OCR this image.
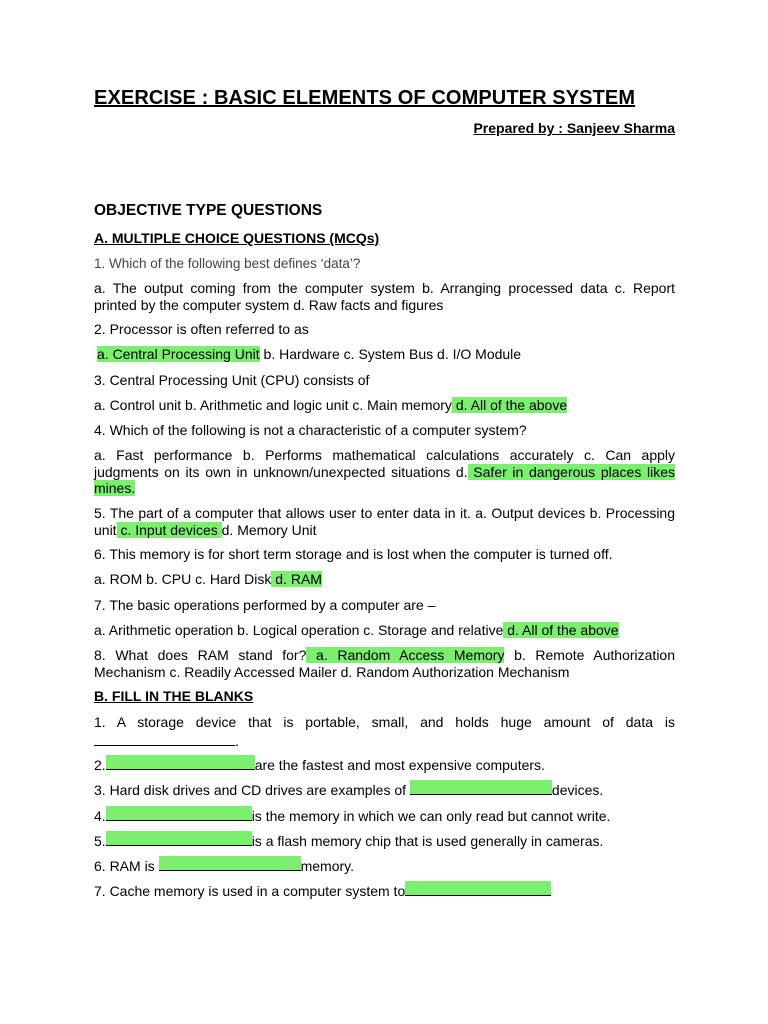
EXERCISE : BASIC ELEMENTS OF COMPUTER SYSTEM
Prepared by : Sanjeev Sharma
OBJECTIVE TYPE QUESTIONS
A. MULTIPLE CHOICE QUESTIONS (MCQs)
1. Which of the following best defines ‘data’?
a. The output coming from the computer system b. Arranging processed data c. Report printed by the computer system d. Raw facts and figures
2. Processor is often referred to as
a. Central Processing Unit b. Hardware c. System Bus d. I/O Module
3. Central Processing Unit (CPU) consists of
a. Control unit b. Arithmetic and logic unit c. Main memory d. All of the above
4. Which of the following is not a characteristic of a computer system?
a. Fast performance b. Performs mathematical calculations accurately c. Can apply judgments on its own in unknown/unexpected situations d. Safer in dangerous places likes mines.
5. The part of a computer that allows user to enter data in it. a. Output devices b. Processing unit c. Input devices d. Memory Unit
6. This memory is for short term storage and is lost when the computer is turned off.
a. ROM b. CPU c. Hard Disk d. RAM
7. The basic operations performed by a computer are –
a. Arithmetic operation b. Logical operation c. Storage and relative d. All of the above
8. What does RAM stand for? a. Random Access Memory b. Remote Authorization Mechanism c. Readily Accessed Mailer d. Random Authorization Mechanism
B. FILL IN THE BLANKS
1. A storage device that is portable, small, and holds huge amount of data is .
2.	are the fastest and most expensive computers.
3. Hard disk drives and CD drives are examples of	devices.
4.	is the memory in which we can only read but cannot write.
5.	is a flash memory chip that is used generally in cameras.
6. RAM is	memory.
7. Cache memory is used in a computer system to
